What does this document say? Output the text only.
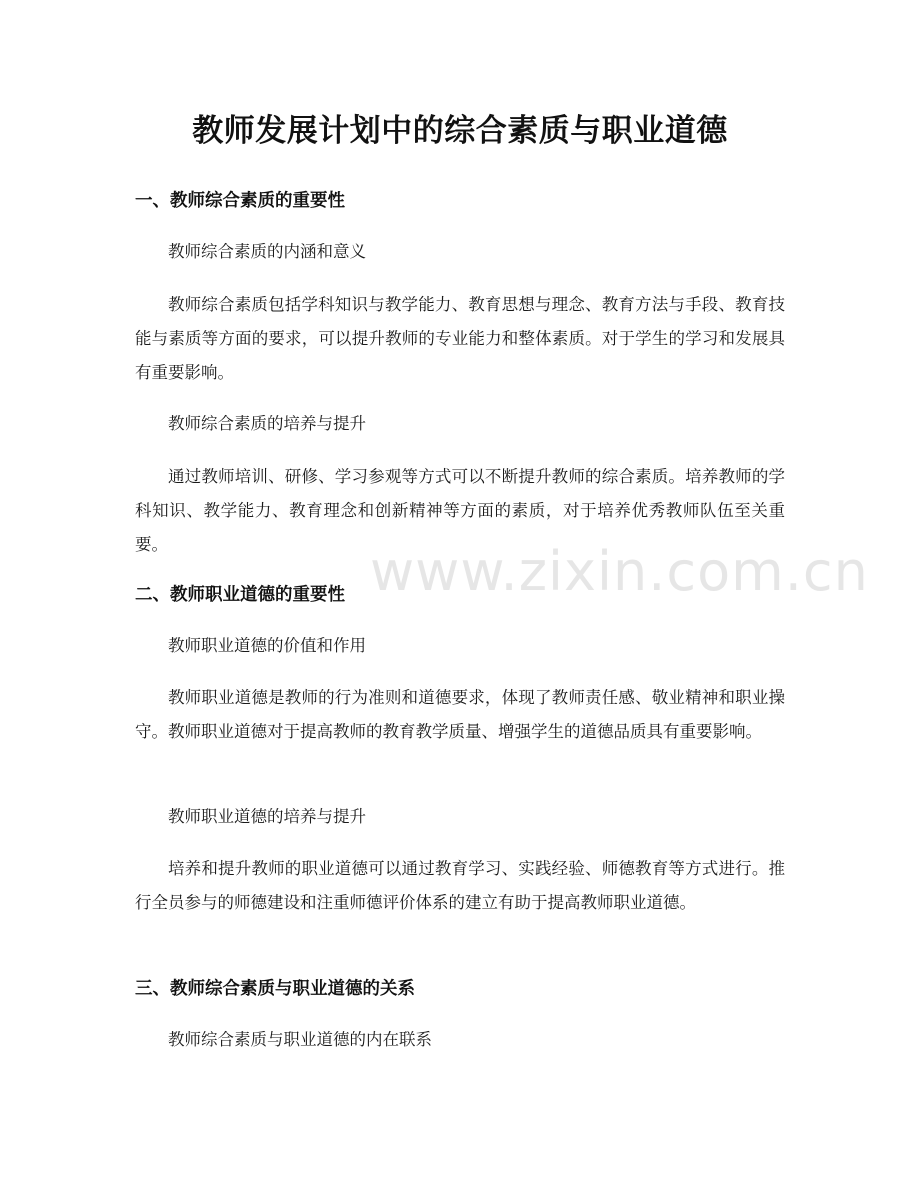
www.zixin.com.cn
教师发展计划中的综合素质与职业道德
一、教师综合素质的重要性
教师综合素质的内涵和意义
教师综合素质包括学科知识与教学能力、教育思想与理念、教育方法与手段、教育技能与素质等方面的要求，可以提升教师的专业能力和整体素质。对于学生的学习和发展具有重要影响。
教师综合素质的培养与提升
通过教师培训、研修、学习参观等方式可以不断提升教师的综合素质。培养教师的学科知识、教学能力、教育理念和创新精神等方面的素质，对于培养优秀教师队伍至关重要。
二、教师职业道德的重要性
教师职业道德的价值和作用
教师职业道德是教师的行为准则和道德要求，体现了教师责任感、敬业精神和职业操守。教师职业道德对于提高教师的教育教学质量、增强学生的道德品质具有重要影响。
教师职业道德的培养与提升
培养和提升教师的职业道德可以通过教育学习、实践经验、师德教育等方式进行。推行全员参与的师德建设和注重师德评价体系的建立有助于提高教师职业道德。
三、教师综合素质与职业道德的关系
教师综合素质与职业道德的内在联系
